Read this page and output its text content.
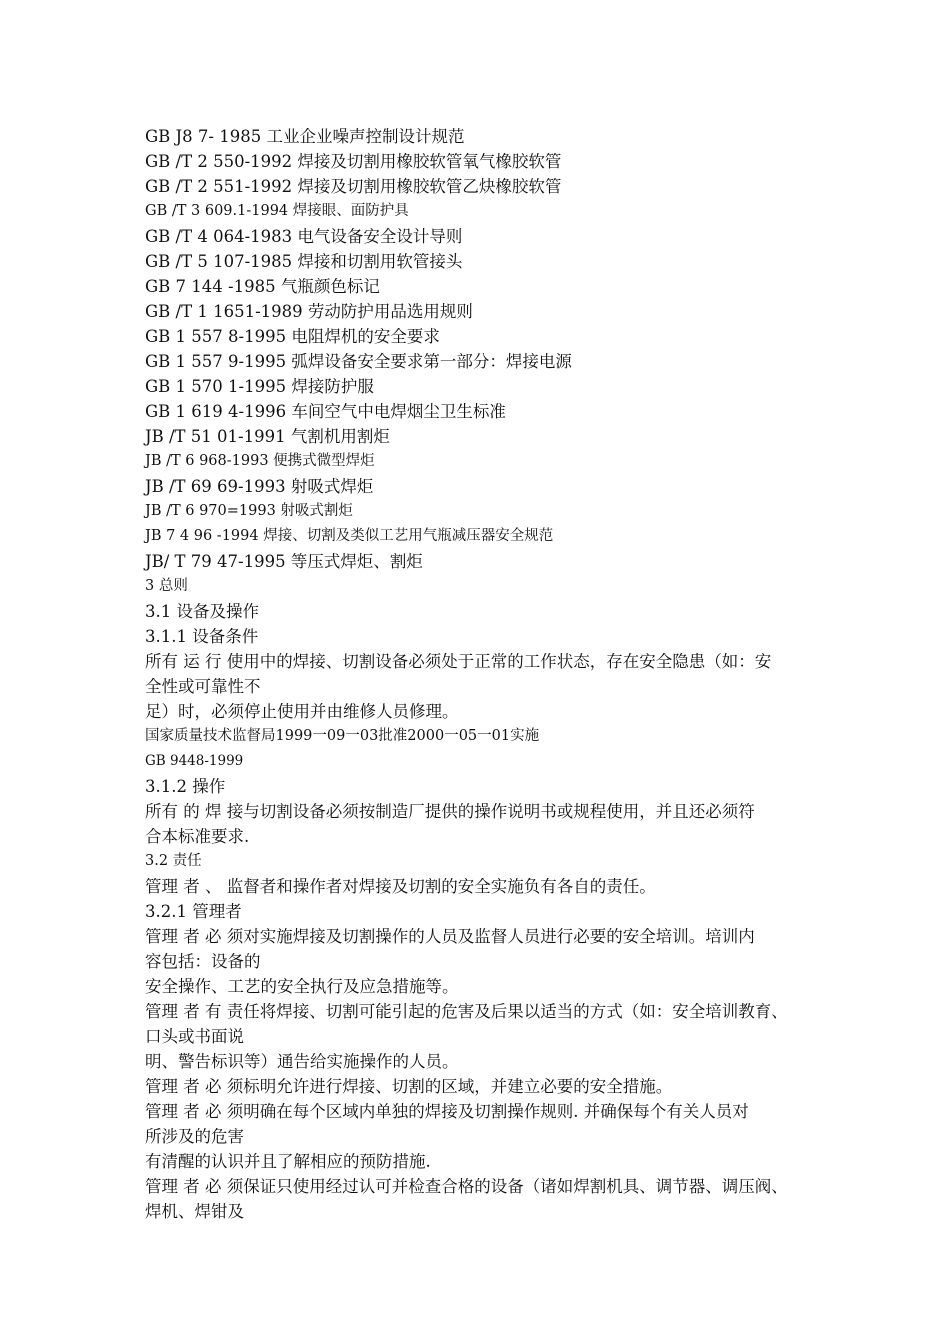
GB J8 7- 1985 工业企业噪声控制设计规范
GB /T 2 550-1992 焊接及切割用橡胶软管氧气橡胶软管
GB /T 2 551-1992 焊接及切割用橡胶软管乙炔橡胶软管
GB /T 3 609.1-1994 焊接眼、面防护具
GB /T 4 064-1983 电气设备安全设计导则
GB /T 5 107-1985 焊接和切割用软管接头
GB 7 144 -1985 气瓶颜色标记
GB /T 1 1651-1989 劳动防护用品选用规则
GB 1 557 8-1995 电阻焊机的安全要求
GB 1 557 9-1995 弧焊设备安全要求第一部分：焊接电源
GB 1 570 1-1995 焊接防护服
GB 1 619 4-1996 车间空气中电焊烟尘卫生标准
JB /T 51 01-1991 气割机用割炬
JB /T 6 968-1993 便携式微型焊炬
JB /T 69 69-1993 射吸式焊炬
JB /T 6 970=1993 射吸式割炬
JB 7 4 96 -1994 焊接、切割及类似工艺用气瓶减压器安全规范
JB/ T 79 47-1995 等压式焊炬、割炬
3 总则
3.1 设备及操作
3.1.1 设备条件
所有 运 行 使用中的焊接、切割设备必须处于正常的工作状态，存在安全隐患（如：安
全性或可靠性不
足）时，必须停止使用并由维修人员修理。
国家质量技术监督局1999一09一03批准2000一05一01实施
GB 9448-1999
3.1.2 操作
所有 的 焊 接与切割设备必须按制造厂提供的操作说明书或规程使用，并且还必须符
合本标准要求.
3.2 责任
管理 者 、 监督者和操作者对焊接及切割的安全实施负有各自的责任。
3.2.1 管理者
管理 者 必 须对实施焊接及切割操作的人员及监督人员进行必要的安全培训。培训内
容包括：设备的
安全操作、工艺的安全执行及应急措施等。
管理 者 有 责任将焊接、切割可能引起的危害及后果以适当的方式（如：安全培训教育、
口头或书面说
明、警告标识等）通告给实施操作的人员。
管理 者 必 须标明允许进行焊接、切割的区域，并建立必要的安全措施。
管理 者 必 须明确在每个区域内单独的焊接及切割操作规则. 并确保每个有关人员对
所涉及的危害
有清醒的认识并且了解相应的预防措施.
管理 者 必 须保证只使用经过认可并检查合格的设备（诸如焊割机具、调节器、调压阀、
焊机、焊钳及
